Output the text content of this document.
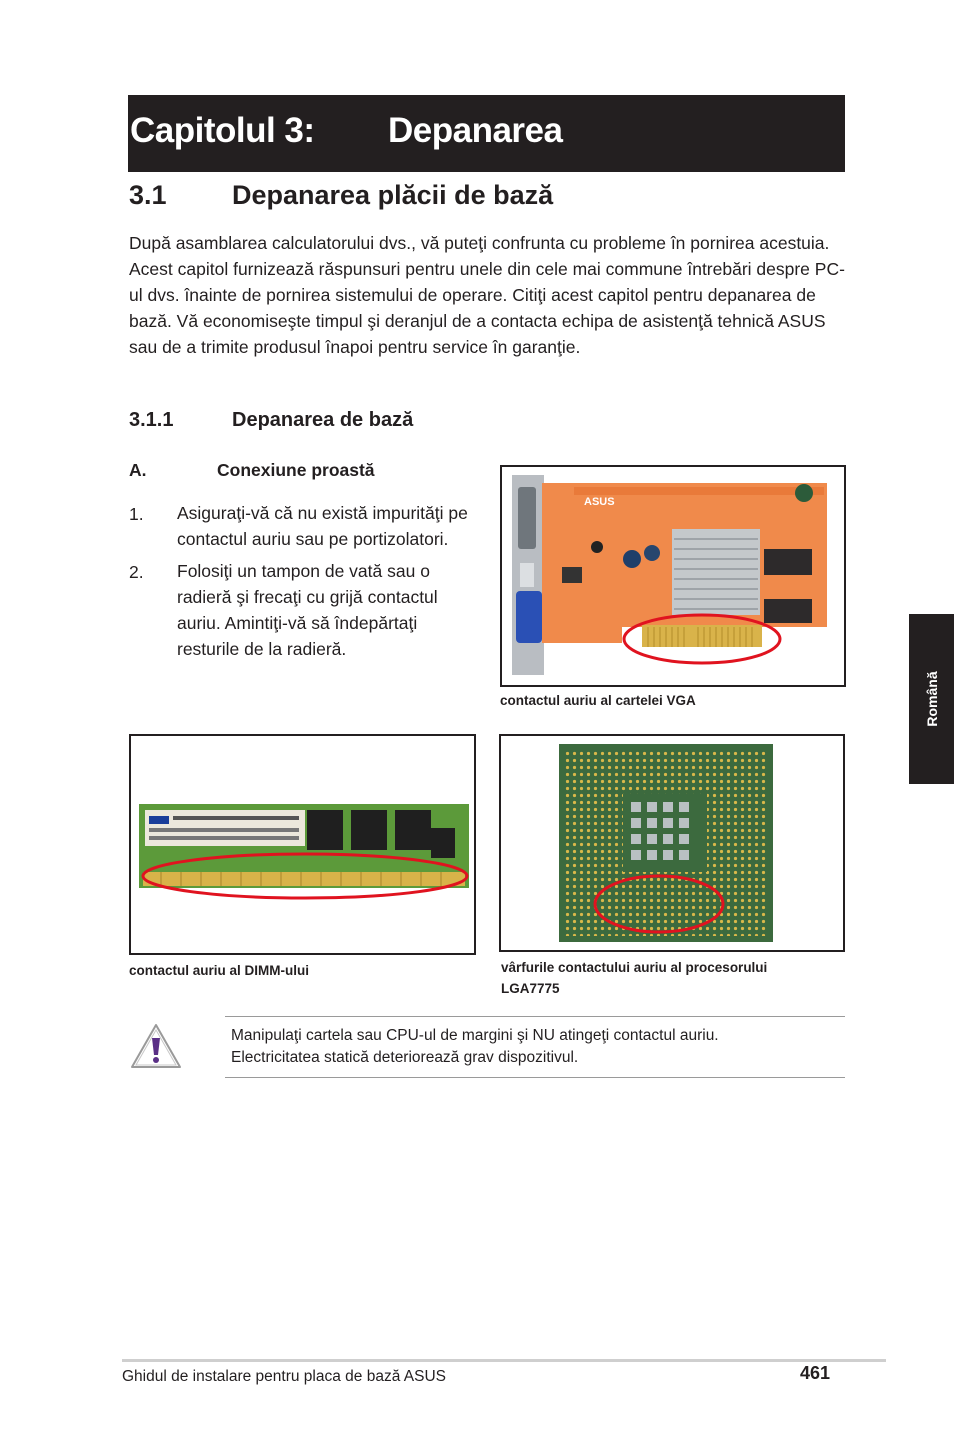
Capitolul 3: Depanarea
3.1 Depanarea plăcii de bază

După asamblarea calculatorului dvs., vă puteţi confrunta cu probleme în pornirea acestuia. Acest capitol furnizează răspunsuri pentru unele din cele mai commune întrebări despre PC-ul dvs. înainte de pornirea sistemului de operare. Citiţi acest capitol pentru depanarea de bază. Vă economiseşte timpul şi deranjul de a contacta echipa de asistenţă tehnică ASUS sau de a trimite produsul înapoi pentru service în garanţie.

3.1.1	Depanarea de bază
A.	Conexiune proastă
1. Asiguraţi-vă că nu există impurităţi pe contactul auriu sau pe portizolatori.

2. Folosiţi un tampon de vată sau o radieră şi frecaţi cu grijă contactul auriu. Amintiţi-vă să îndepărtaţi resturile de la radieră.

ASUS
contactul auriu al cartelei VGA
contactul auriu al DIMM-ului	vârfurile contactului auriu al procesorului
LGA7775
Română

Manipulaţi cartela sau CPU-ul de margini şi NU atingeţi contactul auriu.
Electricitatea statică deteriorează grav dispozitivul.

Ghidul de instalare pentru placa de bază ASUS	461
